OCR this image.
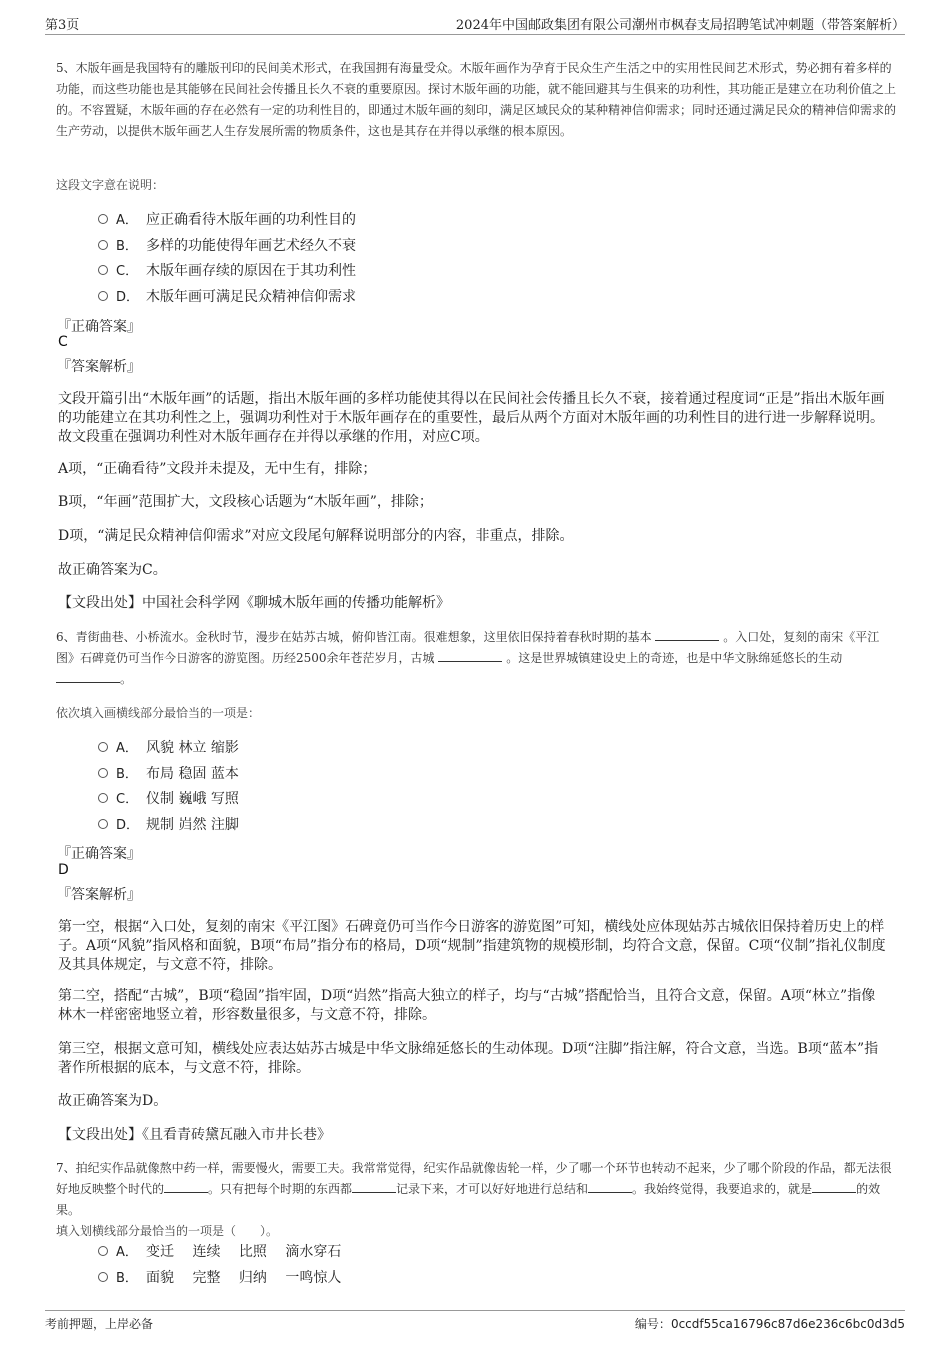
第3页	2024年中国邮政集团有限公司潮州市枫春支局招聘笔试冲刺题（带答案解析）
5、木版年画是我国特有的雕版刊印的民间美术形式，在我国拥有海量受众。木版年画作为孕育于民众生产生活之中的实用性民间艺术形式，势必拥有着多样的功能，而这些功能也是其能够在民间社会传播且长久不衰的重要原因。探讨木版年画的功能，就不能回避其与生俱来的功利性，其功能正是建立在功利价值之上的。不容置疑，木版年画的存在必然有一定的功利性目的，即通过木版年画的刻印，满足区域民众的某种精神信仰需求；同时还通过满足民众的精神信仰需求的生产劳动，以提供木版年画艺人生存发展所需的物质条件，这也是其存在并得以承继的根本原因。
这段文字意在说明：
A． 应正确看待木版年画的功利性目的
B． 多样的功能使得年画艺术经久不衰
C． 木版年画存续的原因在于其功利性
D． 木版年画可满足民众精神信仰需求
『正确答案』
C
『答案解析』
文段开篇引出“木版年画”的话题，指出木版年画的多样功能使其得以在民间社会传播且长久不衰，接着通过程度词“正是”指出木版年画的功能建立在其功利性之上，强调功利性对于木版年画存在的重要性，最后从两个方面对木版年画的功利性目的进行进一步解释说明。故文段重在强调功利性对木版年画存在并得以承继的作用，对应C项。
A项，“正确看待”文段并未提及，无中生有，排除；
B项，“年画”范围扩大，文段核心话题为“木版年画”，排除；
D项，“满足民众精神信仰需求”对应文段尾句解释说明部分的内容，非重点，排除。
故正确答案为C。
【文段出处】中国社会科学网《聊城木版年画的传播功能解析》
6、青街曲巷、小桥流水。金秋时节，漫步在姑苏古城，俯仰皆江南。很难想象，这里依旧保持着春秋时期的基本	。入口处，复刻的南宋《平江图》石碑竟仍可当作今日游客的游览图。历经2500余年苍茫岁月，古城	。这是世界城镇建设史上的奇迹，也是中华文脉绵延悠长的生动 。
依次填入画横线部分最恰当的一项是：
A． 风貌 林立 缩影
B． 布局 稳固 蓝本
C． 仪制 巍峨 写照
D． 规制 岿然 注脚
『正确答案』
D
『答案解析』
第一空，根据“入口处，复刻的南宋《平江图》石碑竟仍可当作今日游客的游览图”可知，横线处应体现姑苏古城依旧保持着历史上的样子。A项“风貌”指风格和面貌，B项“布局”指分布的格局，D项“规制”指建筑物的规模形制，均符合文意，保留。C项“仪制”指礼仪制度及其具体规定，与文意不符，排除。
第二空，搭配“古城”，B项“稳固”指牢固，D项“岿然”指高大独立的样子，均与“古城”搭配恰当，且符合文意，保留。A项“林立”指像林木一样密密地竖立着，形容数量很多，与文意不符，排除。
第三空，根据文意可知，横线处应表达姑苏古城是中华文脉绵延悠长的生动体现。D项“注脚”指注解，符合文意，当选。B项“蓝本”指著作所根据的底本，与文意不符，排除。
故正确答案为D。
【文段出处】《且看青砖黛瓦融入市井长巷》
7、拍纪实作品就像熬中药一样，需要慢火，需要工夫。我常常觉得，纪实作品就像齿轮一样，少了哪一个环节也转动不起来，少了哪个阶段的作品，都无法很好地反映整个时代的	。只有把每个时期的东西都	记录下来，才可以好好地进行总结和	。我始终觉得，我要追求的，就是	的效果。
填入划横线部分最恰当的一项是（　　）。
A． 变迁　 连续　 比照　 滴水穿石
B． 面貌　 完整　 归纳　 一鸣惊人
考前押题，上岸必备	编号：0ccdf55ca16796c87d6e236c6bc0d3d5
